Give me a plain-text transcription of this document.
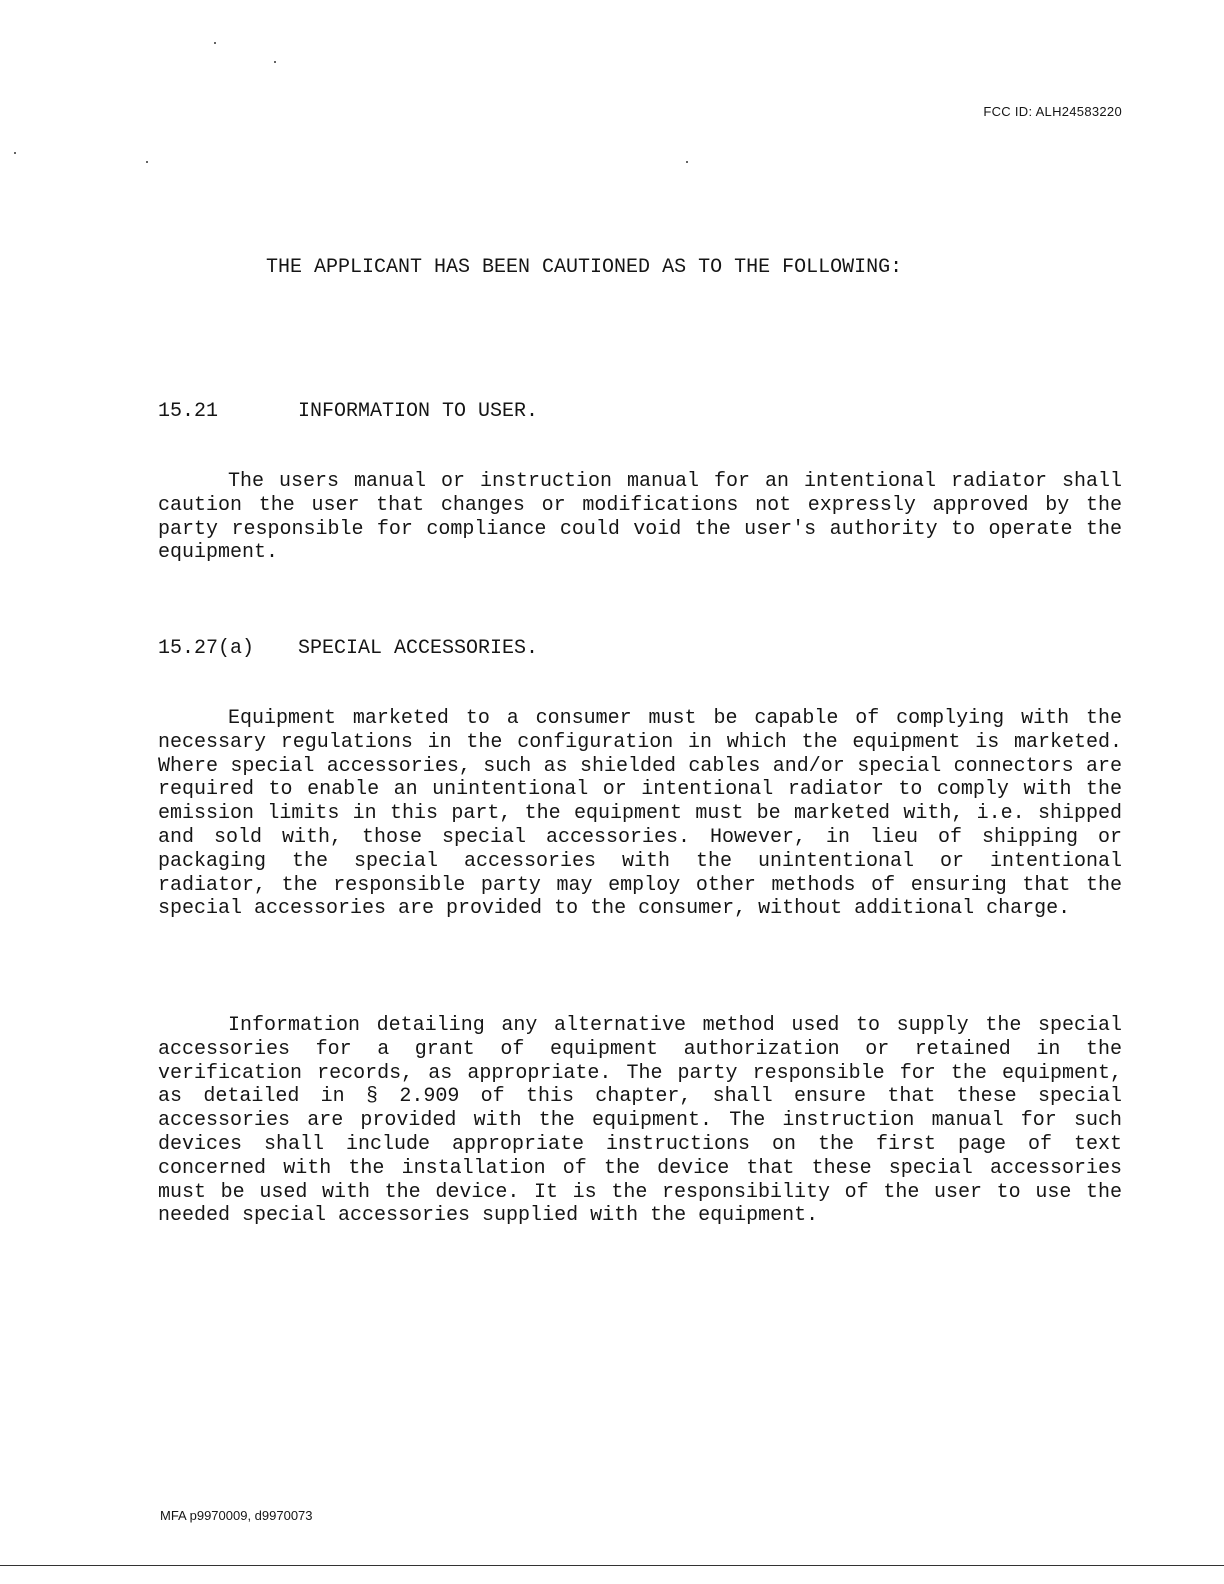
FCC ID: ALH24583220
THE APPLICANT HAS BEEN CAUTIONED AS TO THE FOLLOWING:
15.21	INFORMATION TO USER.

The users manual or instruction manual for an intentional radiator shall caution the user that changes or modifications not expressly approved by the party responsible for compliance could void the user's authority to operate the equipment.

15.27(a) SPECIAL ACCESSORIES.

Equipment marketed to a consumer must be capable of complying with the necessary regulations in the configuration in which the equipment is marketed. Where special accessories, such as shielded cables and/or special connectors are required to enable an unintentional or intentional radiator to comply with the emission limits in this part, the equipment must be marketed with, i.e. shipped and sold with, those special accessories. However, in lieu of shipping or packaging the special accessories with the unintentional or intentional radiator, the responsible party may employ other methods of ensuring that the special accessories are provided to the consumer, without additional charge.

Information detailing any alternative method used to supply the special accessories for a grant of equipment authorization or retained in the verification records, as appropriate. The party responsible for the equipment, as detailed in § 2.909 of this chapter, shall ensure that these special accessories are provided with the equipment. The instruction manual for such devices shall include appropriate instructions on the first page of text concerned with the installation of the device that these special accessories must be used with the device. It is the responsibility of the user to use the needed special accessories supplied with the equipment.

MFA p9970009, d9970073
